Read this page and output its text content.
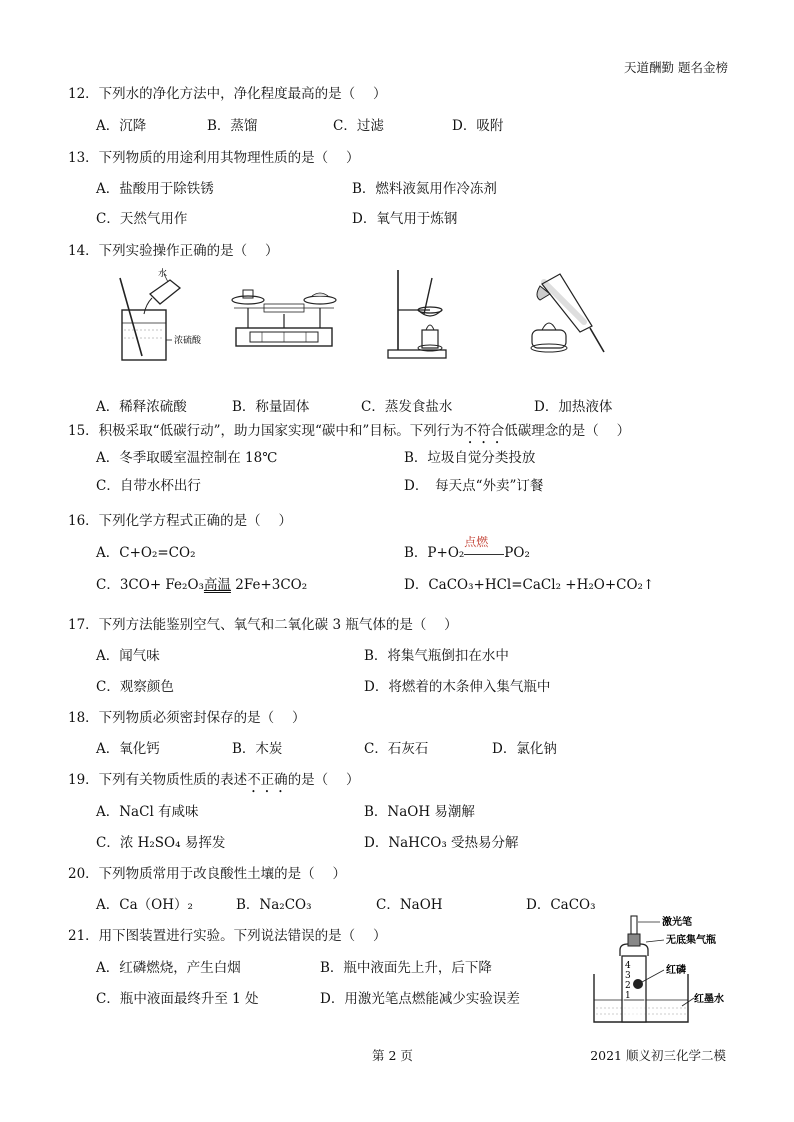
天道酬勤 题名金榜
12．下列水的净化方法中，净化程度最高的是（　 ）
A．沉降	B．蒸馏	C．过滤	D．吸附
13．下列物质的用途利用其物理性质的是（　 ）
A．盐酸用于除铁锈	B．燃料液氮用作冷冻剂
C．天然气用作	D．氧气用于炼钢
14．下列实验操作正确的是（　 ）
水
浓硫酸
A．稀释浓硫酸	B．称量固体	C．蒸发食盐水	D．加热液体
15．积极采取“低碳行动”，助力国家实现“碳中和”目标。下列行为不符合低碳理念的是（　 ）
A．冬季取暖室温控制在 18℃	B．垃圾自觉分类投放
C．自带水杯出行	D．　每天点“外卖”订餐
16．下列化学方程式正确的是（　 ）
A．C+O₂=CO₂	B．P+O₂
点燃
PO₂
C．3CO+ Fe₂O₃高温 2Fe+3CO₂	D．CaCO₃+HCl=CaCl₂ +H₂O+CO₂↑
17．下列方法能鉴别空气、氧气和二氧化碳 3 瓶气体的是（　 ）
A．闻气味	B．将集气瓶倒扣在水中
C．观察颜色	D．将燃着的木条伸入集气瓶中
18．下列物质必须密封保存的是（　 ）
A．氧化钙	B．木炭	C．石灰石	D．氯化钠
19．下列有关物质性质的表述不正确的是（　 ）
A．NaCl 有咸味	B．NaOH 易潮解
C．浓 H₂SO₄ 易挥发	D．NaHCO₃ 受热易分解
20．下列物质常用于改良酸性土壤的是（　 ）
A．Ca（OH）₂	B．Na₂CO₃	C．NaOH	D．CaCO₃
21．用下图装置进行实验。下列说法错误的是（　 ）
A．红磷燃烧，产生白烟	B．瓶中液面先上升，后下降
C．瓶中液面最终升至 1 处	D．用激光笔点燃能减少实验误差
4
3
2
1
激光笔
无底集气瓶
红磷
红墨水
第 2 页	2021 顺义初三化学二模
